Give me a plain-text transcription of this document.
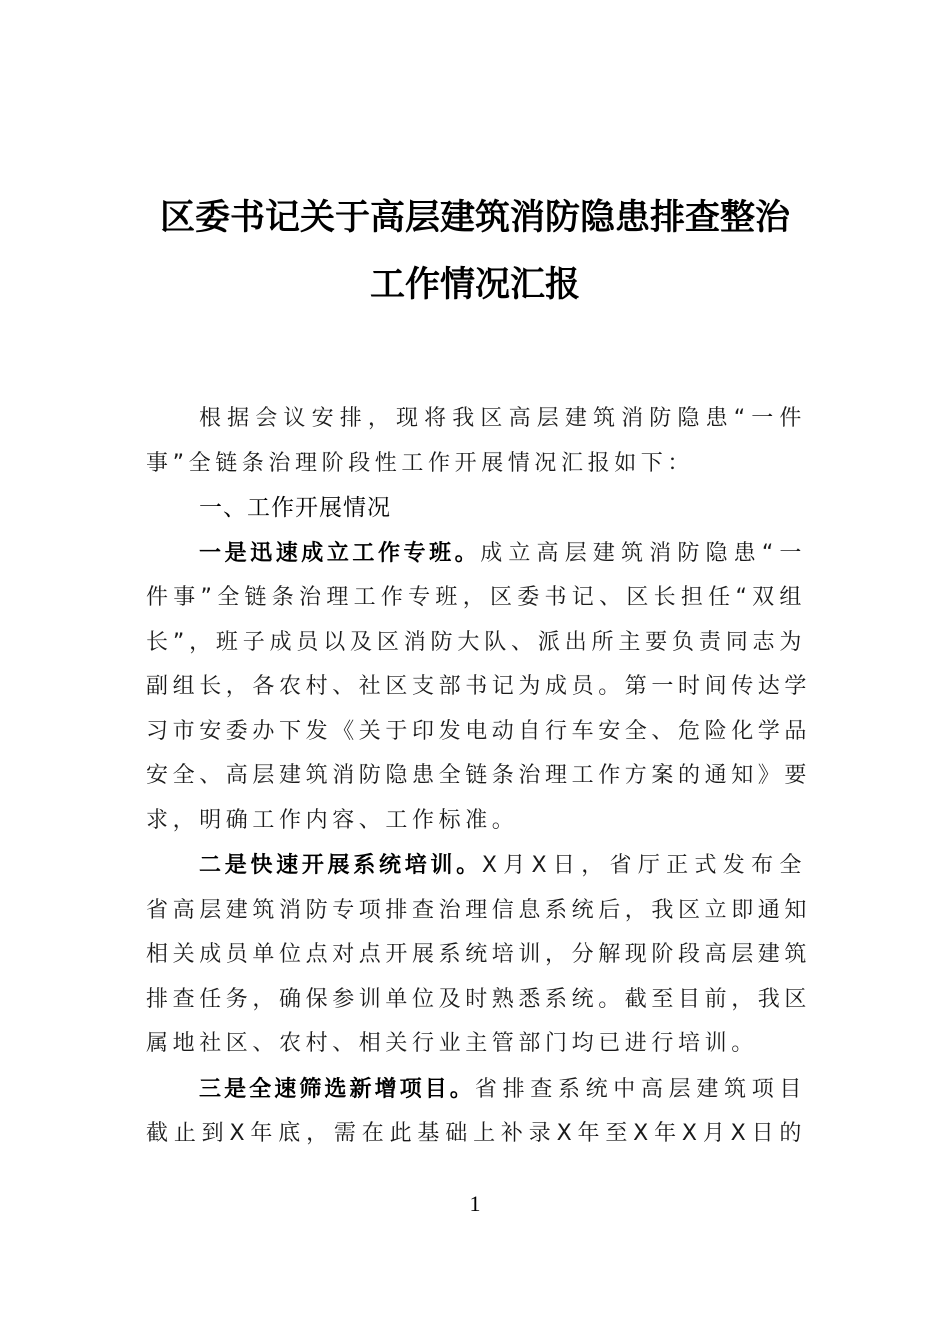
区委书记关于高层建筑消防隐患排查整治
工作情况汇报
根据会议安排，现将我区高层建筑消防隐患“一件
事”全链条治理阶段性工作开展情况汇报如下：
一、工作开展情况
一是迅速成立工作专班。成立高层建筑消防隐患“一
件事”全链条治理工作专班，区委书记、区长担任“双组
长”，班子成员以及区消防大队、派出所主要负责同志为
副组长，各农村、社区支部书记为成员。第一时间传达学
习市安委办下发《关于印发电动自行车安全、危险化学品
安全、高层建筑消防隐患全链条治理工作方案的通知》要
求，明确工作内容、工作标准。
二是快速开展系统培训。X月X日，省厅正式发布全
省高层建筑消防专项排查治理信息系统后，我区立即通知
相关成员单位点对点开展系统培训，分解现阶段高层建筑
排查任务，确保参训单位及时熟悉系统。截至目前，我区
属地社区、农村、相关行业主管部门均已进行培训。
三是全速筛选新增项目。省排查系统中高层建筑项目
截止到X年底，需在此基础上补录X年至X年X月X日的
1
